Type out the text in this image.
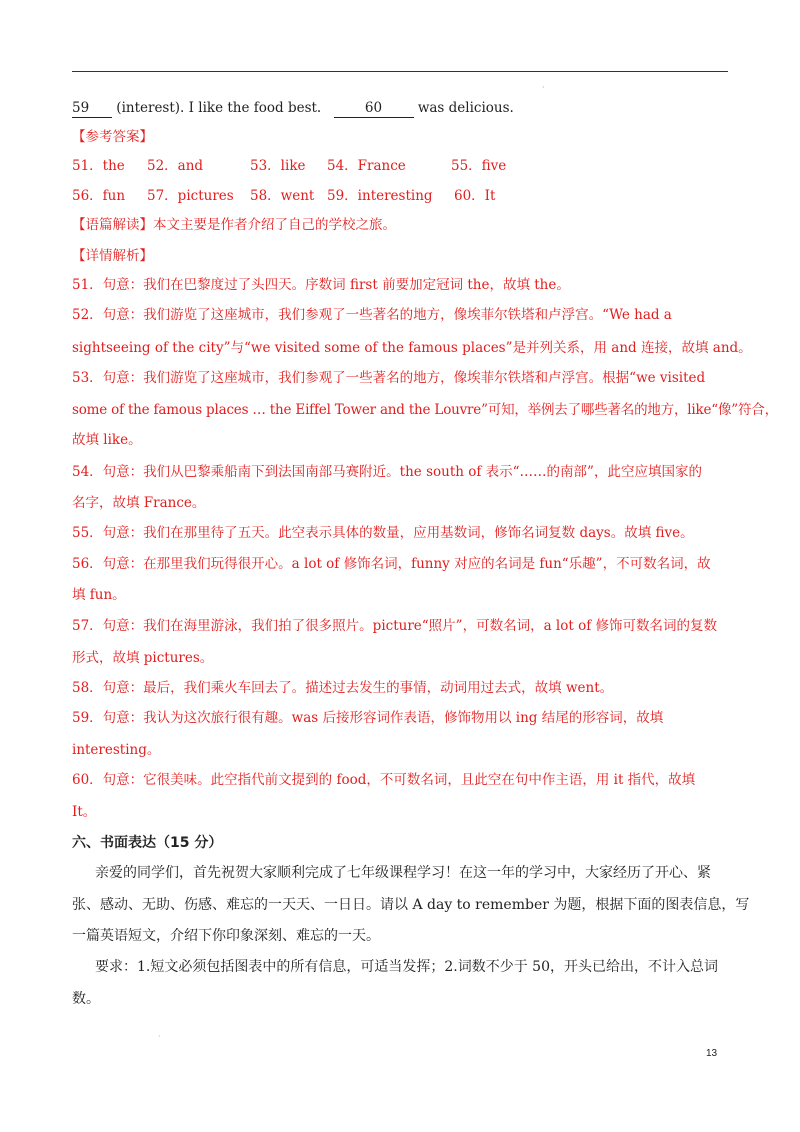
·
59 (interest). I like the food best.	60	was delicious.
【参考答案】
51．the 52．and	53．like 54．France	55．five
56．fun 57．pictures 58．went 59．interesting 60．It
【语篇解读】本文主要是作者介绍了自己的学校之旅。
【详情解析】
51．句意：我们在巴黎度过了头四天。序数词 first 前要加定冠词 the，故填 the。
52．句意：我们游览了这座城市，我们参观了一些著名的地方，像埃菲尔铁塔和卢浮宫。“We had a
sightseeing of the city”与“we visited some of the famous places”是并列关系，用 and 连接，故填 and。
53．句意：我们游览了这座城市，我们参观了一些著名的地方，像埃菲尔铁塔和卢浮宫。根据“we visited
some of the famous places … the Eiffel Tower and the Louvre”可知，举例去了哪些著名的地方，like“像”符合，
故填 like。
54．句意：我们从巴黎乘船南下到法国南部马赛附近。the south of 表示“……的南部”，此空应填国家的
名字，故填 France。
55．句意：我们在那里待了五天。此空表示具体的数量，应用基数词，修饰名词复数 days。故填 five。
56．句意：在那里我们玩得很开心。a lot of 修饰名词，funny 对应的名词是 fun“乐趣”，不可数名词，故
填 fun。
57．句意：我们在海里游泳，我们拍了很多照片。picture“照片”，可数名词，a lot of 修饰可数名词的复数
形式，故填 pictures。
58．句意：最后，我们乘火车回去了。描述过去发生的事情，动词用过去式，故填 went。
59．句意：我认为这次旅行很有趣。was 后接形容词作表语，修饰物用以 ing 结尾的形容词，故填
interesting。
60．句意：它很美味。此空指代前文提到的 food，不可数名词，且此空在句中作主语，用 it 指代，故填
It。
六、书面表达（15 分）
亲爱的同学们，首先祝贺大家顺利完成了七年级课程学习！在这一年的学习中，大家经历了开心、紧
张、感动、无助、伤感、难忘的一天天、一日日。请以 A day to remember 为题，根据下面的图表信息，写
一篇英语短文，介绍下你印象深刻、难忘的一天。
要求：1.短文必须包括图表中的所有信息，可适当发挥；2.词数不少于 50，开头已给出，不计入总词
数。
·
13
